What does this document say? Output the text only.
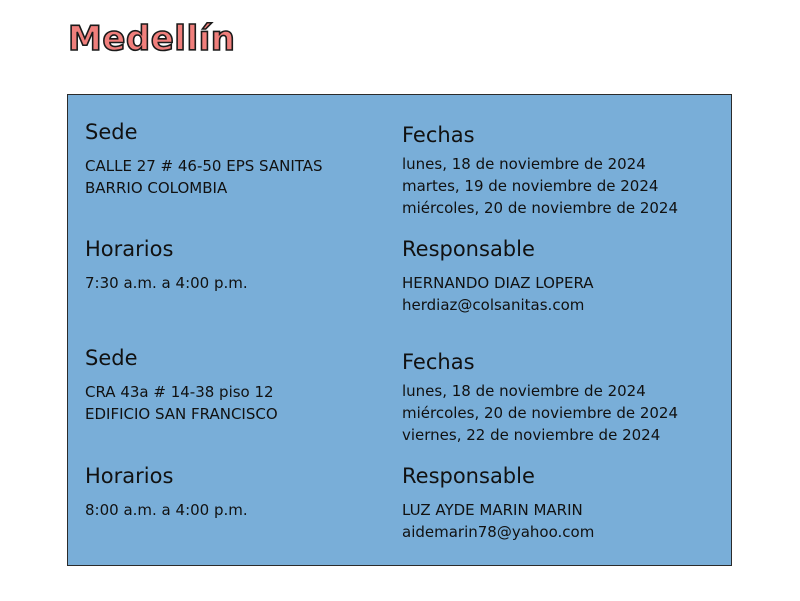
Medellín
Sede
CALLE 27 # 46-50 EPS SANITAS
BARRIO COLOMBIA
Fechas
lunes, 18 de noviembre de 2024
martes, 19 de noviembre de 2024
miércoles, 20 de noviembre de 2024
Horarios
7:30 a.m. a 4:00 p.m.
Responsable
HERNANDO DIAZ LOPERA
herdiaz@colsanitas.com
Sede
CRA 43a # 14-38 piso 12
EDIFICIO SAN FRANCISCO
Fechas
lunes, 18 de noviembre de 2024
miércoles, 20 de noviembre de 2024
viernes, 22 de noviembre de 2024
Horarios
8:00 a.m. a 4:00 p.m.
Responsable
LUZ AYDE MARIN MARIN
aidemarin78@yahoo.com
